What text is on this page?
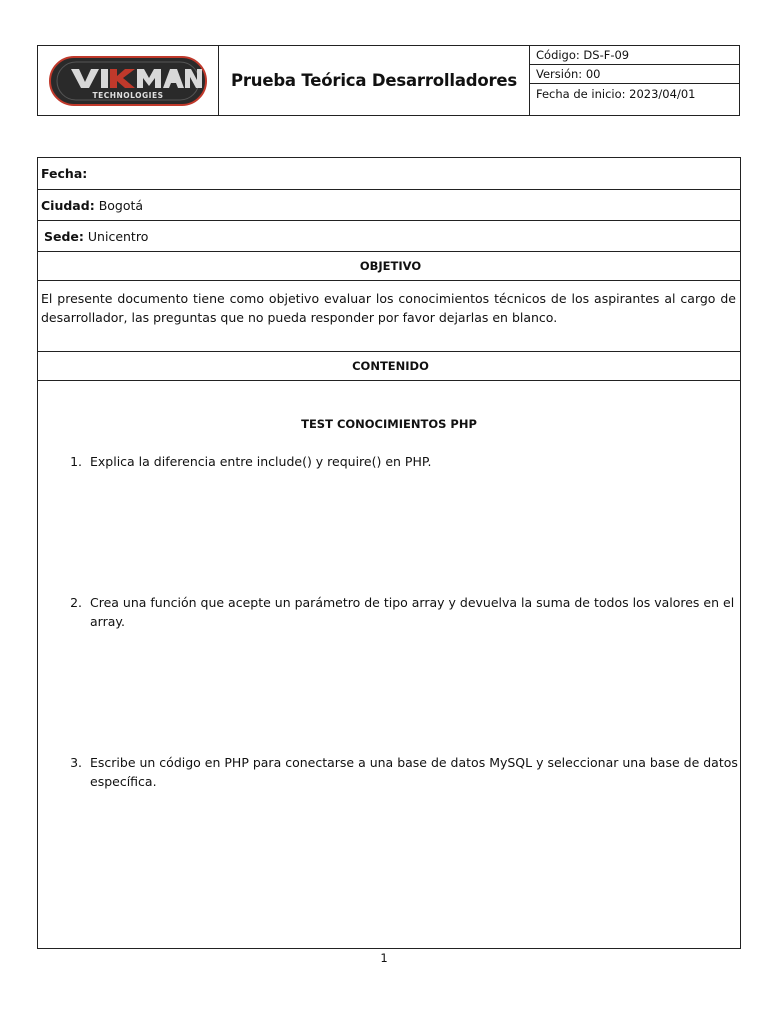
TECHNOLOGIES
Prueba Teórica Desarrolladores
Código: DS-F-09
Versión: 00
Fecha de inicio: 2023/04/01
Fecha:
Ciudad: Bogotá
Sede: Unicentro
OBJETIVO
El presente documento tiene como objetivo evaluar los conocimientos técnicos de los aspirantes al cargo de desarrollador, las preguntas que no pueda responder por favor dejarlas en blanco.
CONTENIDO
TEST CONOCIMIENTOS PHP
1. Explica la diferencia entre include() y require() en PHP.
2. Crea una función que acepte un parámetro de tipo array y devuelva la suma de todos los valores en el array.
3. Escribe un código en PHP para conectarse a una base de datos MySQL y seleccionar una base de datos específica.
1
